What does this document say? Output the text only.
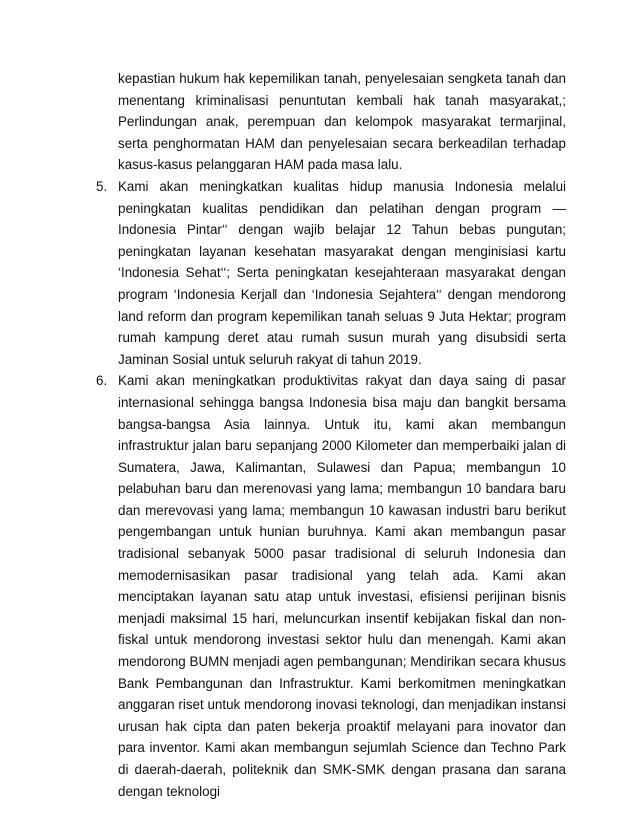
kepastian hukum hak kepemilikan tanah, penyelesaian sengketa tanah dan menentang kriminalisasi penuntutan kembali hak tanah masyarakat,; Perlindungan anak, perempuan dan kelompok masyarakat termarjinal, serta penghormatan HAM dan penyelesaian secara berkeadilan terhadap kasus-kasus pelanggaran HAM pada masa lalu.

5. Kami akan meningkatkan kualitas hidup manusia Indonesia melalui peningkatan kualitas pendidikan dan pelatihan dengan program —Indonesia Pintar‘‘ dengan wajib belajar 12 Tahun bebas pungutan; peningkatan layanan kesehatan masyarakat dengan menginisiasi kartu ‘Indonesia Sehat‘‘; Serta peningkatan kesejahteraan masyarakat dengan program ‘Indonesia Kerja‖ dan ‘Indonesia Sejahtera‘‘ dengan mendorong land reform dan program kepemilikan tanah seluas 9 Juta Hektar; program rumah kampung deret atau rumah susun murah yang disubsidi serta Jaminan Sosial untuk seluruh rakyat di tahun 2019.
6. Kami akan meningkatkan produktivitas rakyat dan daya saing di pasar internasional sehingga bangsa Indonesia bisa maju dan bangkit bersama bangsa-bangsa Asia lainnya. Untuk itu, kami akan membangun infrastruktur jalan baru sepanjang 2000 Kilometer dan memperbaiki jalan di Sumatera, Jawa, Kalimantan, Sulawesi dan Papua; membangun 10 pelabuhan baru dan merenovasi yang lama; membangun 10 bandara baru dan merevovasi yang lama; membangun 10 kawasan industri baru berikut pengembangan untuk hunian buruhnya. Kami akan membangun pasar tradisional sebanyak 5000 pasar tradisional di seluruh Indonesia dan memodernisasikan pasar tradisional yang telah ada. Kami akan menciptakan layanan satu atap untuk investasi, efisiensi perijinan bisnis menjadi maksimal 15 hari, meluncurkan insentif kebijakan fiskal dan non- fiskal untuk mendorong investasi sektor hulu dan menengah. Kami akan mendorong BUMN menjadi agen pembangunan; Mendirikan secara khusus Bank Pembangunan dan Infrastruktur. Kami berkomitmen meningkatkan anggaran riset untuk mendorong inovasi teknologi, dan menjadikan instansi urusan hak cipta dan paten bekerja proaktif melayani para inovator dan para inventor. Kami akan membangun sejumlah Science dan Techno Park di daerah-daerah, politeknik dan SMK-SMK dengan prasana dan sarana dengan teknologi
